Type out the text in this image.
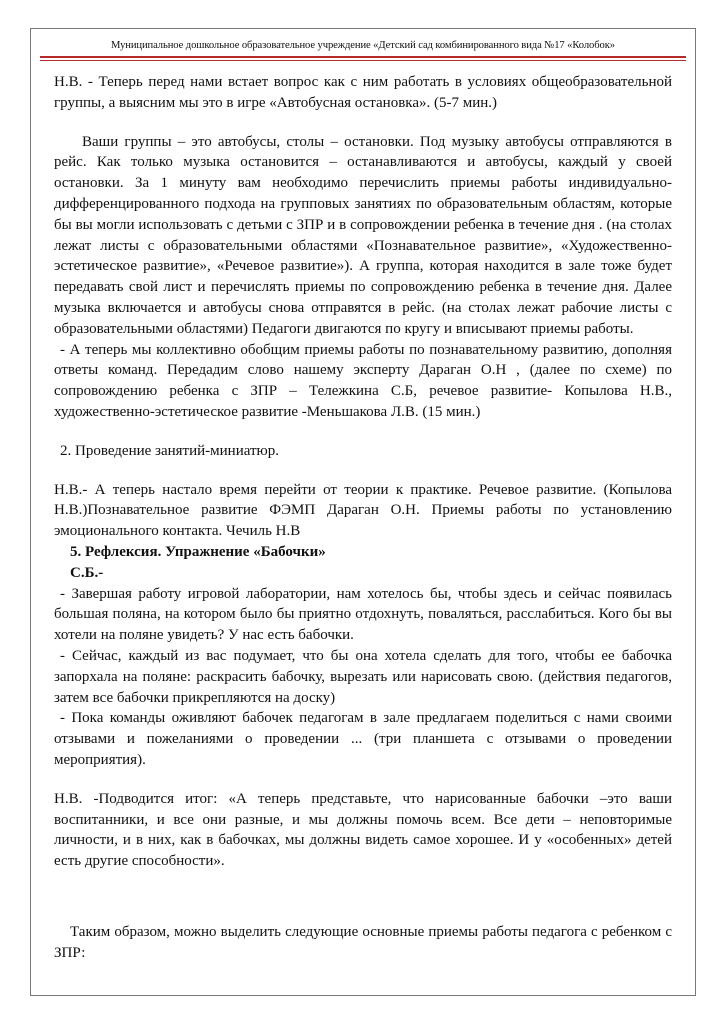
Муниципальное дошкольное образовательное учреждение «Детский сад комбинированного вида №17 «Колобок»

Н.В. - Теперь перед нами встает вопрос как с ним работать в условиях общеобразовательной группы, а выясним мы это в игре «Автобусная остановка». (5-7 мин.)

Ваши группы – это автобусы, столы – остановки. Под музыку автобусы отправляются в рейс. Как только музыка остановится – останавливаются и автобусы, каждый у своей остановки. За 1 минуту вам необходимо перечислить приемы работы индивидуально-дифференцированного подхода на групповых занятиях по образовательным областям, которые бы вы могли использовать с детьми с ЗПР и в сопровождении ребенка в течение дня . (на столах лежат листы с образовательными областями «Познавательное развитие», «Художественно-эстетическое развитие», «Речевое развитие»). А группа, которая находится в зале тоже будет передавать свой лист и перечислять приемы по сопровождению ребенка в течение дня. Далее музыка включается и автобусы снова отправятся в рейс. (на столах лежат рабочие листы с образовательными областями) Педагоги двигаются по кругу и вписывают приемы работы.

- А теперь мы коллективно обобщим приемы работы по познавательному развитию, дополняя ответы команд. Передадим слово нашему эксперту Дараган О.Н , (далее по схеме) по сопровождению ребенка с ЗПР – Тележкина С.Б, речевое развитие- Копылова Н.В., художественно-эстетическое развитие -Меньшакова Л.В. (15 мин.)

2. Проведение занятий-миниатюр.

Н.В.- А теперь настало время перейти от теории к практике. Речевое развитие. (Копылова Н.В.)Познавательное развитие ФЭМП Дараган О.Н. Приемы работы по установлению эмоционального контакта. Чечиль Н.В

5. Рефлексия. Упражнение «Бабочки»

С.Б.-

- Завершая работу игровой лаборатории, нам хотелось бы, чтобы здесь и сейчас появилась большая поляна, на котором было бы приятно отдохнуть, поваляться, расслабиться. Кого бы вы хотели на поляне увидеть? У нас есть бабочки.

- Сейчас, каждый из вас подумает, что бы она хотела сделать для того, чтобы ее бабочка запорхала на поляне: раскрасить бабочку, вырезать или нарисовать свою. (действия педагогов, затем все бабочки прикрепляются на доску)

- Пока команды оживляют бабочек педагогам в зале предлагаем поделиться с нами своими отзывами и пожеланиями о проведении ... (три планшета с отзывами о проведении мероприятия).

Н.В. -Подводится итог: «А теперь представьте, что нарисованные бабочки –это ваши воспитанники, и все они разные, и мы должны помочь всем. Все дети – неповторимые личности, и в них, как в бабочках, мы должны видеть самое хорошее. И у «особенных» детей есть другие способности».

Таким образом, можно выделить следующие основные приемы работы педагога с ребенком с ЗПР:
